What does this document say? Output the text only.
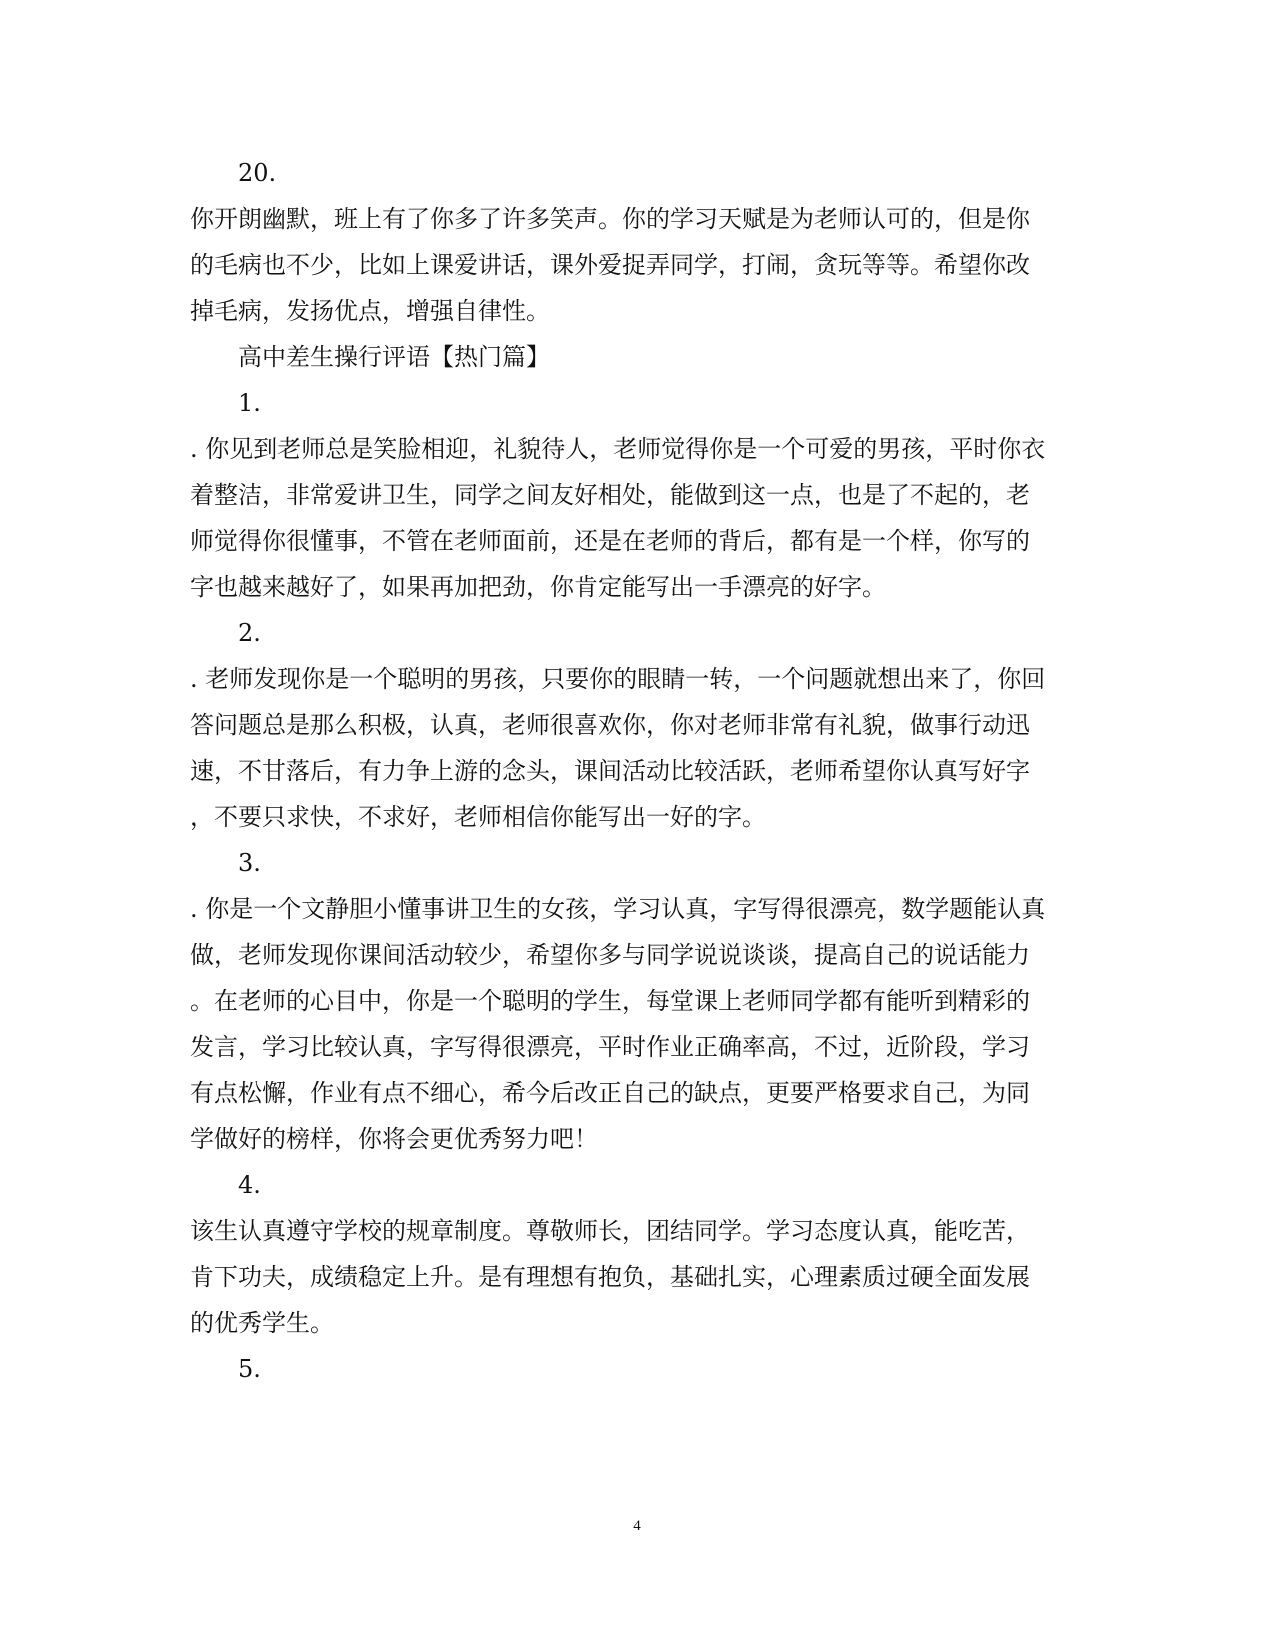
20.
你开朗幽默，班上有了你多了许多笑声。你的学习天赋是为老师认可的，但是你
的毛病也不少，比如上课爱讲话，课外爱捉弄同学，打闹，贪玩等等。希望你改
掉毛病，发扬优点，增强自律性。
高中差生操行评语【热门篇】
1.
. 你见到老师总是笑脸相迎，礼貌待人，老师觉得你是一个可爱的男孩，平时你衣
着整洁，非常爱讲卫生，同学之间友好相处，能做到这一点，也是了不起的，老
师觉得你很懂事，不管在老师面前，还是在老师的背后，都有是一个样，你写的
字也越来越好了，如果再加把劲，你肯定能写出一手漂亮的好字。
2.
. 老师发现你是一个聪明的男孩，只要你的眼睛一转，一个问题就想出来了，你回
答问题总是那么积极，认真，老师很喜欢你，你对老师非常有礼貌，做事行动迅
速，不甘落后，有力争上游的念头，课间活动比较活跃，老师希望你认真写好字
，不要只求快，不求好，老师相信你能写出一好的字。
3.
. 你是一个文静胆小懂事讲卫生的女孩，学习认真，字写得很漂亮，数学题能认真
做，老师发现你课间活动较少，希望你多与同学说说谈谈，提高自己的说话能力
。在老师的心目中，你是一个聪明的学生，每堂课上老师同学都有能听到精彩的
发言，学习比较认真，字写得很漂亮，平时作业正确率高，不过，近阶段，学习
有点松懈，作业有点不细心，希今后改正自己的缺点，更要严格要求自己，为同
学做好的榜样，你将会更优秀努力吧！
4.
该生认真遵守学校的规章制度。尊敬师长，团结同学。学习态度认真，能吃苦，
肯下功夫，成绩稳定上升。是有理想有抱负，基础扎实，心理素质过硬全面发展
的优秀学生。
5.
4
